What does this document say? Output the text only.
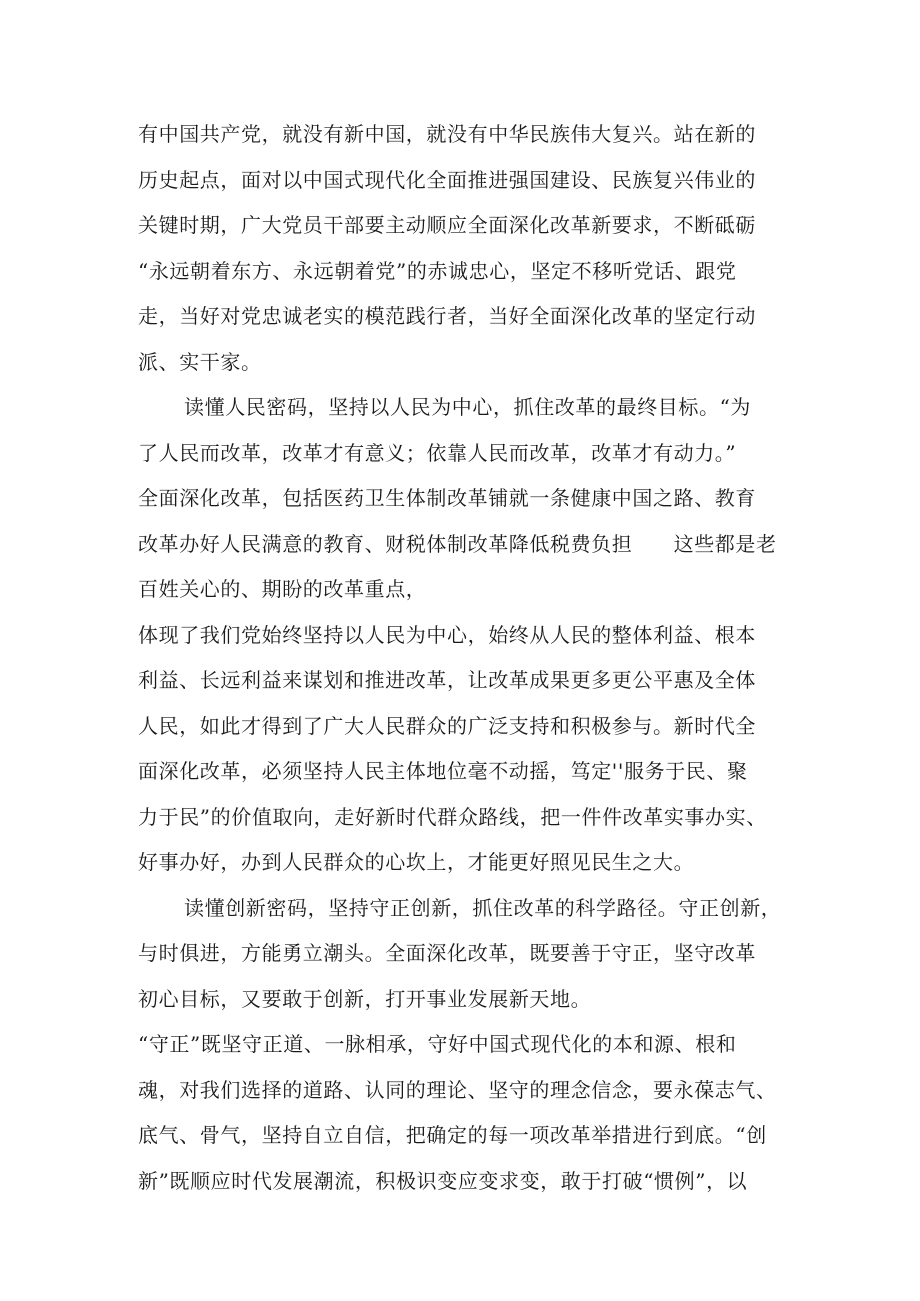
有中国共产党，就没有新中国，就没有中华民族伟大复兴。站在新的
历史起点，面对以中国式现代化全面推进强国建设、民族复兴伟业的
关键时期，广大党员干部要主动顺应全面深化改革新要求，不断砥砺
“永远朝着东方、永远朝着党”的赤诚忠心，坚定不移听党话、跟党
走，当好对党忠诚老实的模范践行者，当好全面深化改革的坚定行动
派、实干家。
读懂人民密码，坚持以人民为中心，抓住改革的最终目标。“为
了人民而改革，改革才有意义；依靠人民而改革，改革才有动力。”
全面深化改革，包括医药卫生体制改革铺就一条健康中国之路、教育
改革办好人民满意的教育、财税体制改革降低税费负担　　这些都是老
百姓关心的、期盼的改革重点，
体现了我们党始终坚持以人民为中心，始终从人民的整体利益、根本
利益、长远利益来谋划和推进改革，让改革成果更多更公平惠及全体
人民，如此才得到了广大人民群众的广泛支持和积极参与。新时代全
面深化改革，必须坚持人民主体地位毫不动摇，笃定''服务于民、聚
力于民”的价值取向，走好新时代群众路线，把一件件改革实事办实、
好事办好，办到人民群众的心坎上，才能更好照见民生之大。
读懂创新密码，坚持守正创新，抓住改革的科学路径。守正创新，
与时俱进，方能勇立潮头。全面深化改革，既要善于守正，坚守改革
初心目标，又要敢于创新，打开事业发展新天地。
“守正”既坚守正道、一脉相承，守好中国式现代化的本和源、根和
魂，对我们选择的道路、认同的理论、坚守的理念信念，要永葆志气、
底气、骨气，坚持自立自信，把确定的每一项改革举措进行到底。“创
新”既顺应时代发展潮流，积极识变应变求变，敢于打破“惯例”，以
